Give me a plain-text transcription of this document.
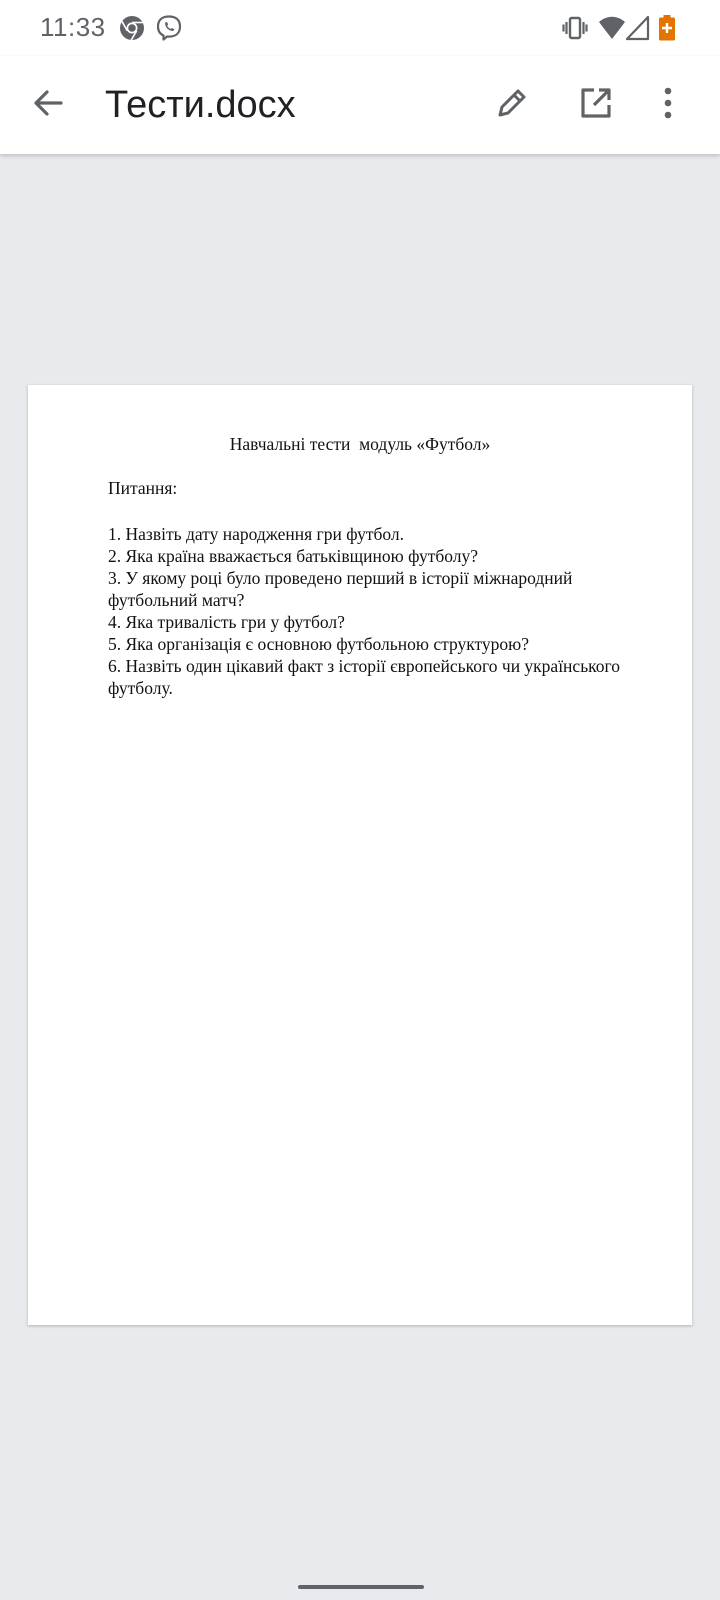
11:33
Тести.docx
Навчальні тести  модуль «Футбол»
Питання:
1. Назвіть дату народження гри футбол.
2. Яка країна вважається батьківщиною футболу?
3. У якому році було проведено перший в історії міжнародний футбольний матч?
4. Яка тривалість гри у футбол?
5. Яка організація є основною футбольною структурою?
6. Назвіть один цікавий факт з історії європейського чи українського футболу.
